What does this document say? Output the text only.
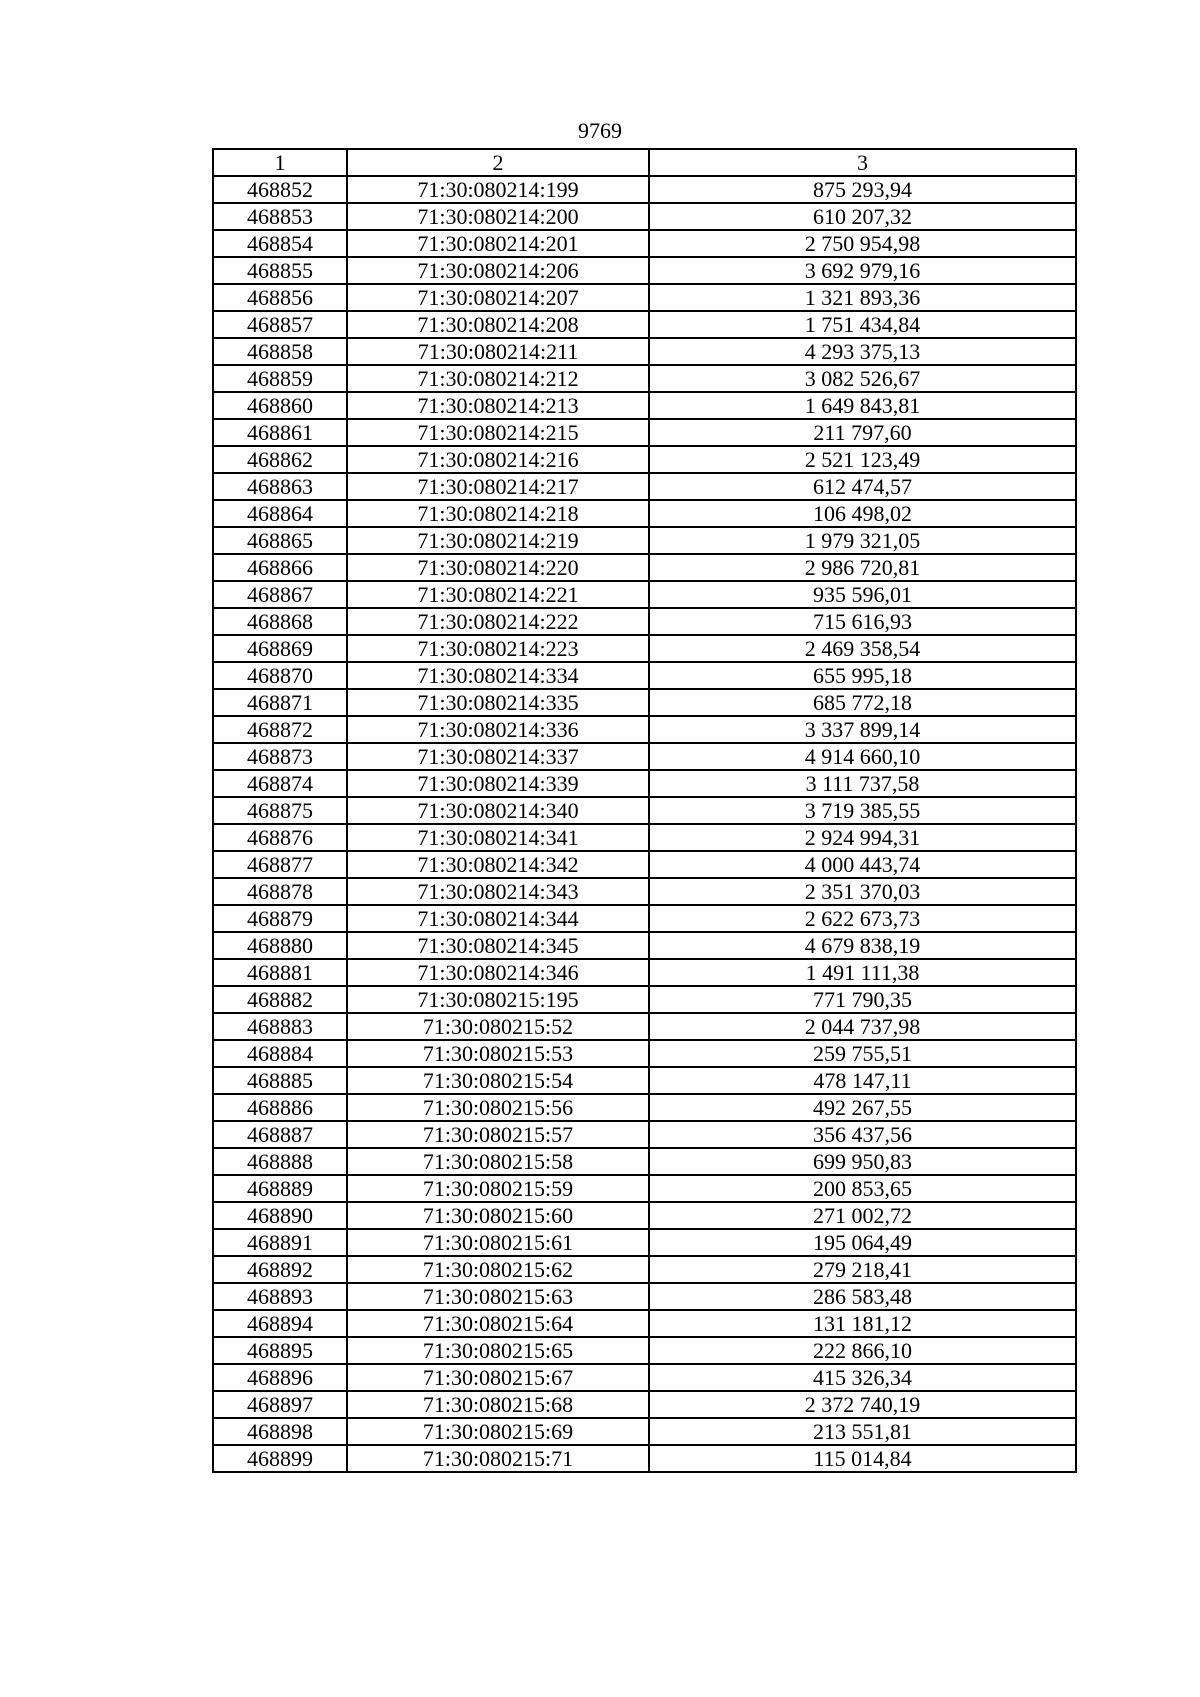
9769
1	2	3
468852	71:30:080214:199	875 293,94
468853	71:30:080214:200	610 207,32
468854	71:30:080214:201	2 750 954,98
468855	71:30:080214:206	3 692 979,16
468856	71:30:080214:207	1 321 893,36
468857	71:30:080214:208	1 751 434,84
468858	71:30:080214:211	4 293 375,13
468859	71:30:080214:212	3 082 526,67
468860	71:30:080214:213	1 649 843,81
468861	71:30:080214:215	211 797,60
468862	71:30:080214:216	2 521 123,49
468863	71:30:080214:217	612 474,57
468864	71:30:080214:218	106 498,02
468865	71:30:080214:219	1 979 321,05
468866	71:30:080214:220	2 986 720,81
468867	71:30:080214:221	935 596,01
468868	71:30:080214:222	715 616,93
468869	71:30:080214:223	2 469 358,54
468870	71:30:080214:334	655 995,18
468871	71:30:080214:335	685 772,18
468872	71:30:080214:336	3 337 899,14
468873	71:30:080214:337	4 914 660,10
468874	71:30:080214:339	3 111 737,58
468875	71:30:080214:340	3 719 385,55
468876	71:30:080214:341	2 924 994,31
468877	71:30:080214:342	4 000 443,74
468878	71:30:080214:343	2 351 370,03
468879	71:30:080214:344	2 622 673,73
468880	71:30:080214:345	4 679 838,19
468881	71:30:080214:346	1 491 111,38
468882	71:30:080215:195	771 790,35
468883	71:30:080215:52	2 044 737,98
468884	71:30:080215:53	259 755,51
468885	71:30:080215:54	478 147,11
468886	71:30:080215:56	492 267,55
468887	71:30:080215:57	356 437,56
468888	71:30:080215:58	699 950,83
468889	71:30:080215:59	200 853,65
468890	71:30:080215:60	271 002,72
468891	71:30:080215:61	195 064,49
468892	71:30:080215:62	279 218,41
468893	71:30:080215:63	286 583,48
468894	71:30:080215:64	131 181,12
468895	71:30:080215:65	222 866,10
468896	71:30:080215:67	415 326,34
468897	71:30:080215:68	2 372 740,19
468898	71:30:080215:69	213 551,81
468899	71:30:080215:71	115 014,84
